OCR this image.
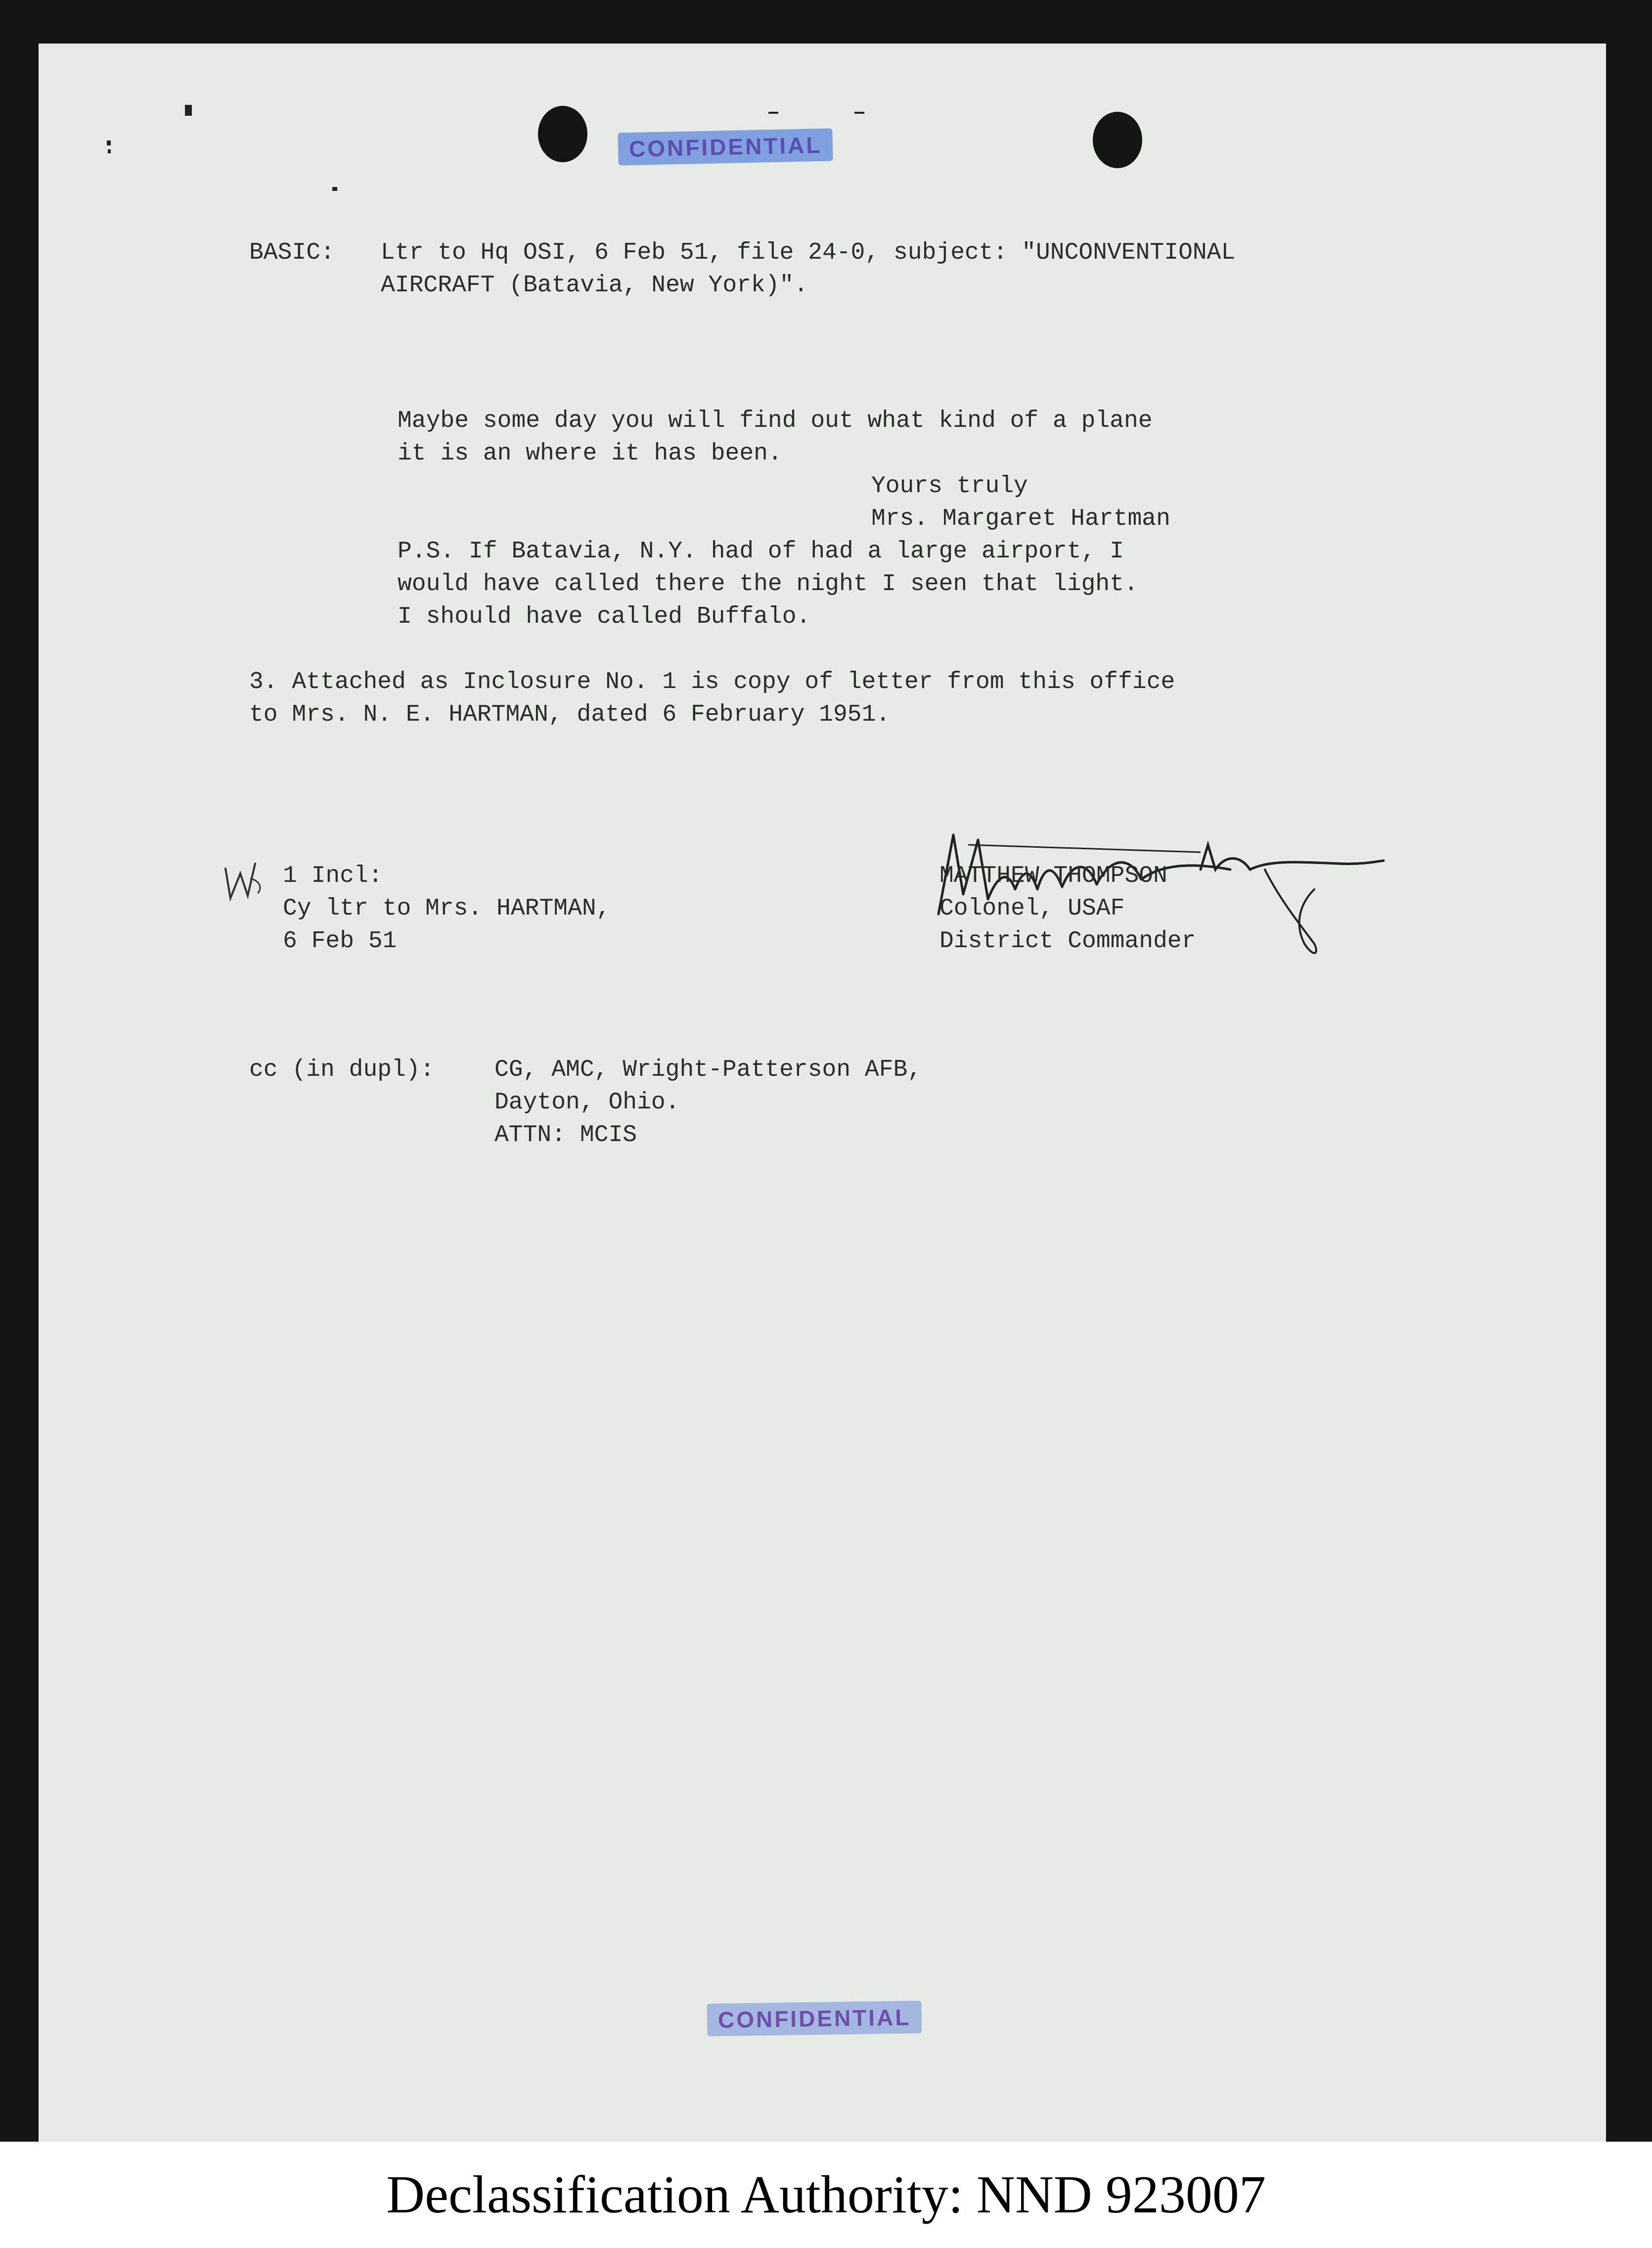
CONFIDENTIAL
BASIC: Ltr to Hq OSI, 6 Feb 51, file 24-0, subject: "UNCONVENTIONAL
AIRCRAFT (Batavia, New York)".
Maybe some day you will find out what kind of a plane
it is an where it has been.
Yours truly
Mrs. Margaret Hartman
P.S. If Batavia, N.Y. had of had a large airport, I
would have called there the night I seen that light.
I should have called Buffalo.
3. Attached as Inclosure No. 1 is copy of letter from this office
to Mrs. N. E. HARTMAN, dated 6 February 1951.
1 Incl:
Cy ltr to Mrs. HARTMAN,
6 Feb 51
MATTHEW THOMPSON
Colonel, USAF
District Commander
cc (in dupl):	CG, AMC, Wright-Patterson AFB,
Dayton, Ohio.
ATTN: MCIS
CONFIDENTIAL
Declassification Authority: NND 923007
